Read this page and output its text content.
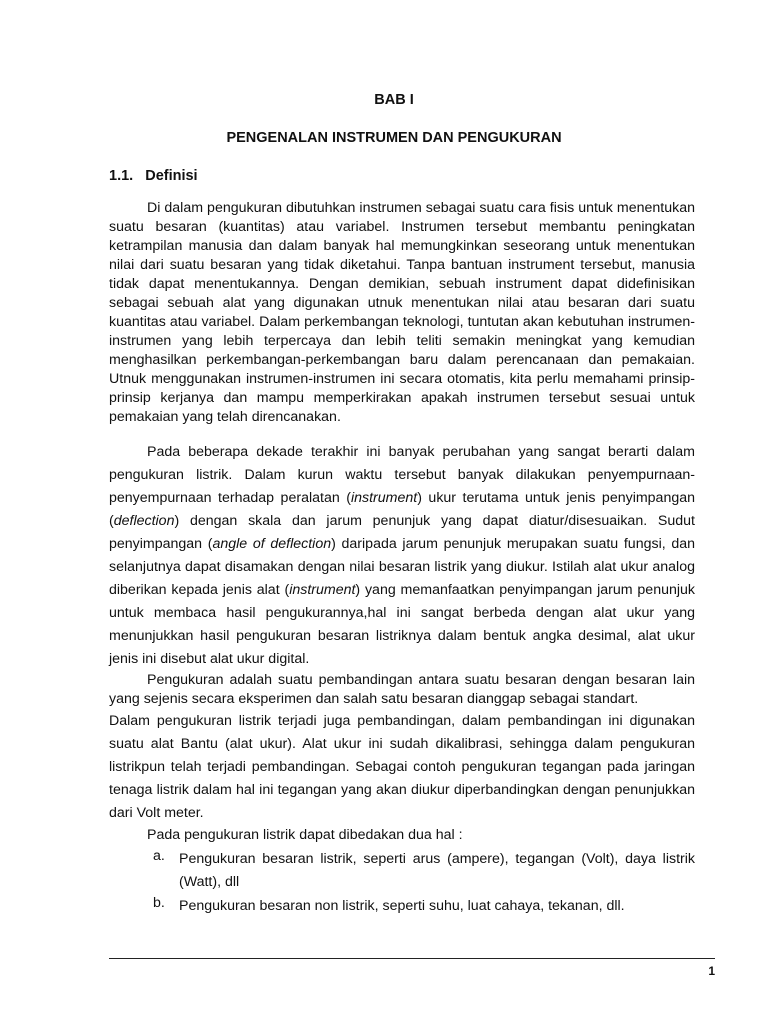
BAB I
PENGENALAN INSTRUMEN DAN PENGUKURAN
1.1. Definisi

Di dalam pengukuran dibutuhkan instrumen sebagai suatu cara fisis untuk menentukan suatu besaran (kuantitas) atau variabel. Instrumen tersebut membantu peningkatan ketrampilan manusia dan dalam banyak hal memungkinkan seseorang untuk menentukan nilai dari suatu besaran yang tidak diketahui. Tanpa bantuan instrument tersebut, manusia tidak dapat menentukannya. Dengan demikian, sebuah instrument dapat didefinisikan sebagai sebuah alat yang digunakan utnuk menentukan nilai atau besaran dari suatu kuantitas atau variabel. Dalam perkembangan teknologi, tuntutan akan kebutuhan instrumen-instrumen yang lebih terpercaya dan lebih teliti semakin meningkat yang kemudian menghasilkan perkembangan-perkembangan baru dalam perencanaan dan pemakaian. Utnuk menggunakan instrumen-instrumen ini secara otomatis, kita perlu memahami prinsip-prinsip kerjanya dan mampu memperkirakan apakah instrumen tersebut sesuai untuk pemakaian yang telah direncanakan.

Pada beberapa dekade terakhir ini banyak perubahan yang sangat berarti dalam pengukuran listrik. Dalam kurun waktu tersebut banyak dilakukan penyempurnaan-penyempurnaan terhadap peralatan (instrument) ukur terutama untuk jenis penyimpangan (deflection) dengan skala dan jarum penunjuk yang dapat diatur/disesuaikan. Sudut penyimpangan (angle of deflection) daripada jarum penunjuk merupakan suatu fungsi, dan selanjutnya dapat disamakan dengan nilai besaran listrik yang diukur. Istilah alat ukur analog diberikan kepada jenis alat (instrument) yang memanfaatkan penyimpangan jarum penunjuk untuk membaca hasil pengukurannya,hal ini sangat berbeda dengan alat ukur yang menunjukkan hasil pengukuran besaran listriknya dalam bentuk angka desimal, alat ukur jenis ini disebut alat ukur digital.

Pengukuran adalah suatu pembandingan antara suatu besaran dengan besaran lain yang sejenis secara eksperimen dan salah satu besaran dianggap sebagai standart.

Dalam pengukuran listrik terjadi juga pembandingan, dalam pembandingan ini digunakan suatu alat Bantu (alat ukur). Alat ukur ini sudah dikalibrasi, sehingga dalam pengukuran listrikpun telah terjadi pembandingan. Sebagai contoh pengukuran tegangan pada jaringan tenaga listrik dalam hal ini tegangan yang akan diukur diperbandingkan dengan penunjukkan dari Volt meter.

Pada pengukuran listrik dapat dibedakan dua hal :
a. Pengukuran besaran listrik, seperti arus (ampere), tegangan (Volt), daya listrik (Watt), dll
b. Pengukuran besaran non listrik, seperti suhu, luat cahaya, tekanan, dll.
1
